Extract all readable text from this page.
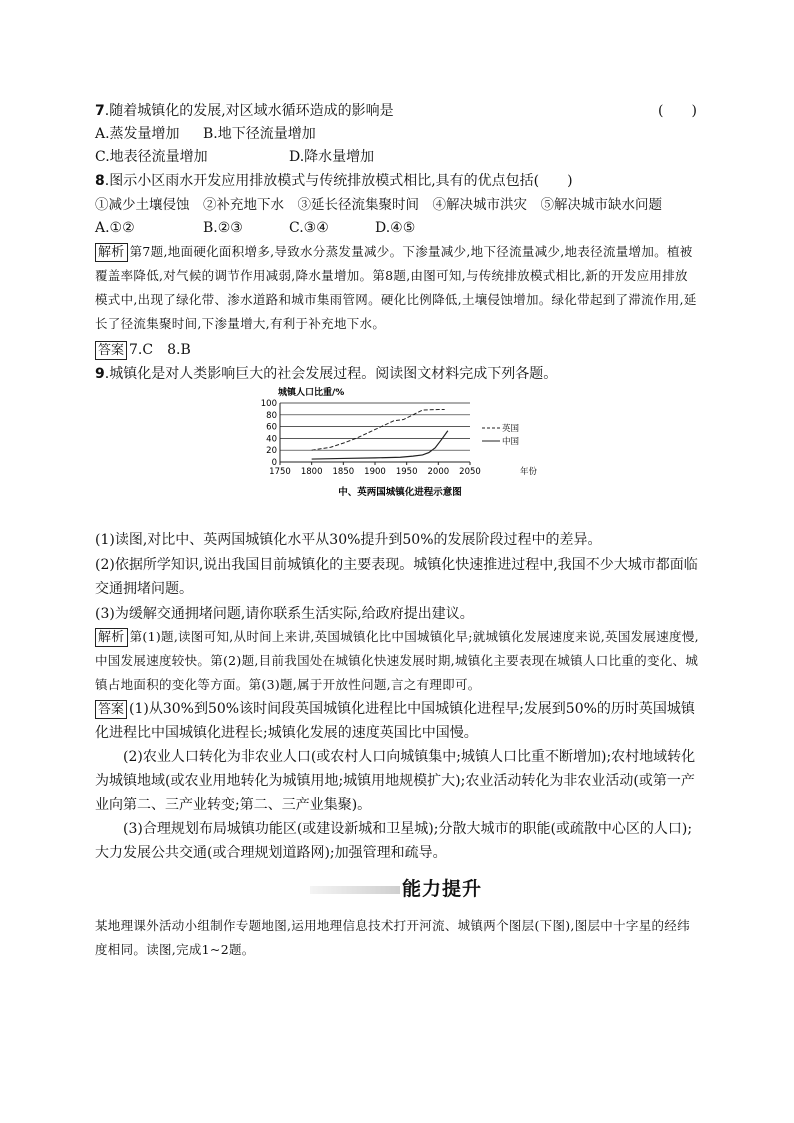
7.随着城镇化的发展,对区域水循环造成的影响是	(　　)
A.蒸发量增加 B.地下径流量增加
C.地表径流量增加	D.降水量增加
8.图示小区雨水开发应用排放模式与传统排放模式相比,具有的优点包括(　　)
①减少土壤侵蚀　②补充地下水　③延长径流集聚时间　④解决城市洪灾　⑤解决城市缺水问题
A.①②	B.②③	C.③④	D.④⑤
解析 第7题,地面硬化面积增多,导致水分蒸发量减少。下渗量减少,地下径流量减少,地表径流量增加。植被覆盖率降低,对气候的调节作用减弱,降水量增加。第8题,由图可知,与传统排放模式相比,新的开发应用排放模式中,出现了绿化带、渗水道路和城市集雨管网。硬化比例降低,土壤侵蚀增加。绿化带起到了滞流作用,延长了径流集聚时间,下渗量增大,有利于补充地下水。
答案 7.C　8.B
9.城镇化是对人类影响巨大的社会发展过程。阅读图文材料完成下列各题。
城镇人口比重/%
0
20
40
60
80
100
1750 1800 1850 1900 1950 2000 2050	年份
英国
中国
中、英两国城镇化进程示意图
(1)读图,对比中、英两国城镇化水平从30%提升到50%的发展阶段过程中的差异。
(2)依据所学知识,说出我国目前城镇化的主要表现。城镇化快速推进过程中,我国不少大城市都面临交通拥堵问题。
(3)为缓解交通拥堵问题,请你联系生活实际,给政府提出建议。
解析 第(1)题,读图可知,从时间上来讲,英国城镇化比中国城镇化早;就城镇化发展速度来说,英国发展速度慢,中国发展速度较快。第(2)题,目前我国处在城镇化快速发展时期,城镇化主要表现在城镇人口比重的变化、城镇占地面积的变化等方面。第(3)题,属于开放性问题,言之有理即可。
答案 (1)从30%到50%该时间段英国城镇化进程比中国城镇化进程早;发展到50%的历时英国城镇化进程比中国城镇化进程长;城镇化发展的速度英国比中国慢。
(2)农业人口转化为非农业人口(或农村人口向城镇集中;城镇人口比重不断增加);农村地域转化为城镇地域(或农业用地转化为城镇用地;城镇用地规模扩大);农业活动转化为非农业活动(或第一产业向第二、三产业转变;第二、三产业集聚)。
(3)合理规划布局城镇功能区(或建设新城和卫星城);分散大城市的职能(或疏散中心区的人口);大力发展公共交通(或合理规划道路网);加强管理和疏导。
能力提升
某地理课外活动小组制作专题地图,运用地理信息技术打开河流、城镇两个图层(下图),图层中十字星的经纬度相同。读图,完成1~2题。
